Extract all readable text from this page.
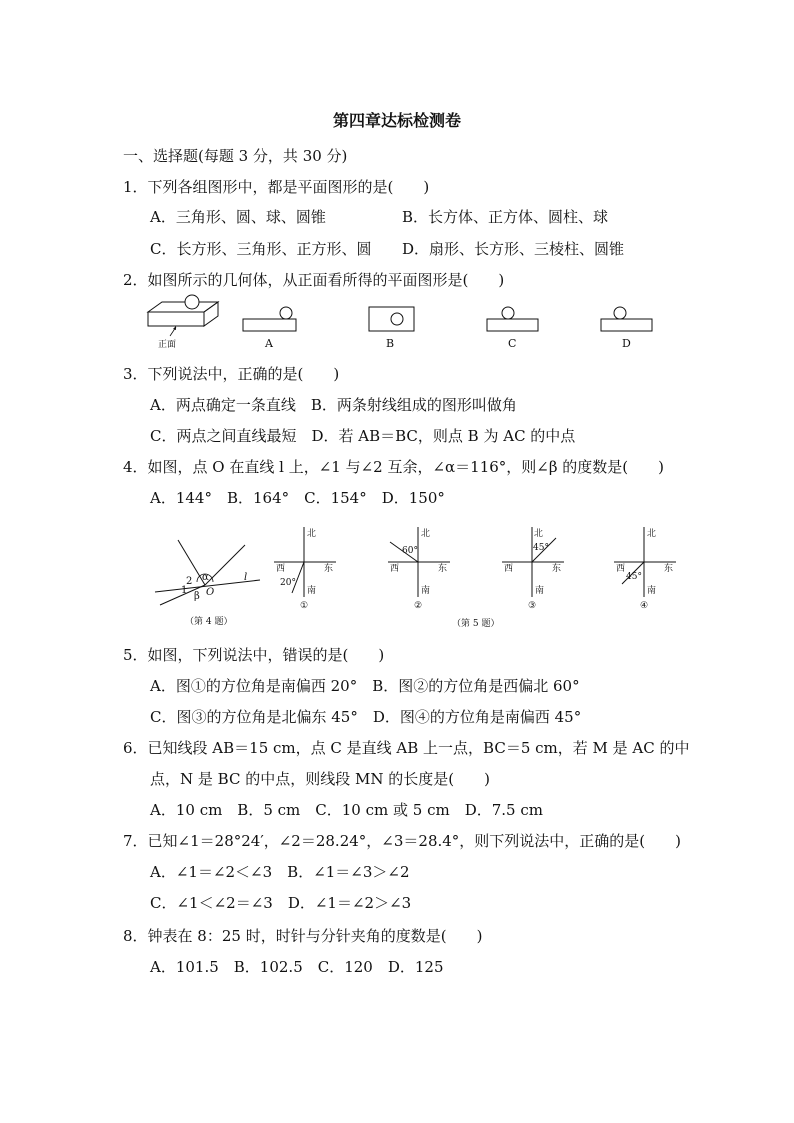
第四章达标检测卷
一、选择题(每题 3 分，共 30 分)
1．下列各组图形中，都是平面图形的是(　　)
A．三角形、圆、球、圆锥	B．长方体、正方体、圆柱、球
C．长方形、三角形、正方形、圆 D．扇形、长方形、三棱柱、圆锥
2．如图所示的几何体，从正面看所得的平面图形是(　　)
正面	A	B	C	D
3．下列说法中，正确的是(　　)
A．两点确定一条直线　B．两条射线组成的图形叫做角
C．两点之间直线最短　D．若 AB＝BC，则点 B 为 AC 的中点
4．如图，点 O 在直线 l 上，∠1 与∠2 互余，∠α＝116°，则∠β 的度数是(　　)
A．144°　B．164°　C．154°　D．150°
α
β
1
2
O
l
（第 4 题）
北
西	东
南
20°
①
北
西	东
南
60°
②
北
西	东
南
45°
③
北
西	东
南
45°
④
（第 5 题）
5．如图，下列说法中，错误的是(　　)
A．图①的方位角是南偏西 20°　B．图②的方位角是西偏北 60°
C．图③的方位角是北偏东 45°　D．图④的方位角是南偏西 45°
6．已知线段 AB＝15 cm，点 C 是直线 AB 上一点，BC＝5 cm，若 M 是 AC 的中
点，N 是 BC 的中点，则线段 MN 的长度是(　　)
A．10 cm　B．5 cm　C．10 cm 或 5 cm　D．7.5 cm
7．已知∠1＝28°24′，∠2＝28.24°，∠3＝28.4°，则下列说法中，正确的是(　　)
A．∠1＝∠2＜∠3　B．∠1＝∠3＞∠2
C．∠1＜∠2＝∠3　D．∠1＝∠2＞∠3
8．钟表在 8：25 时，时针与分针夹角的度数是(　　)
A．101.5　B．102.5　C．120　D．125
